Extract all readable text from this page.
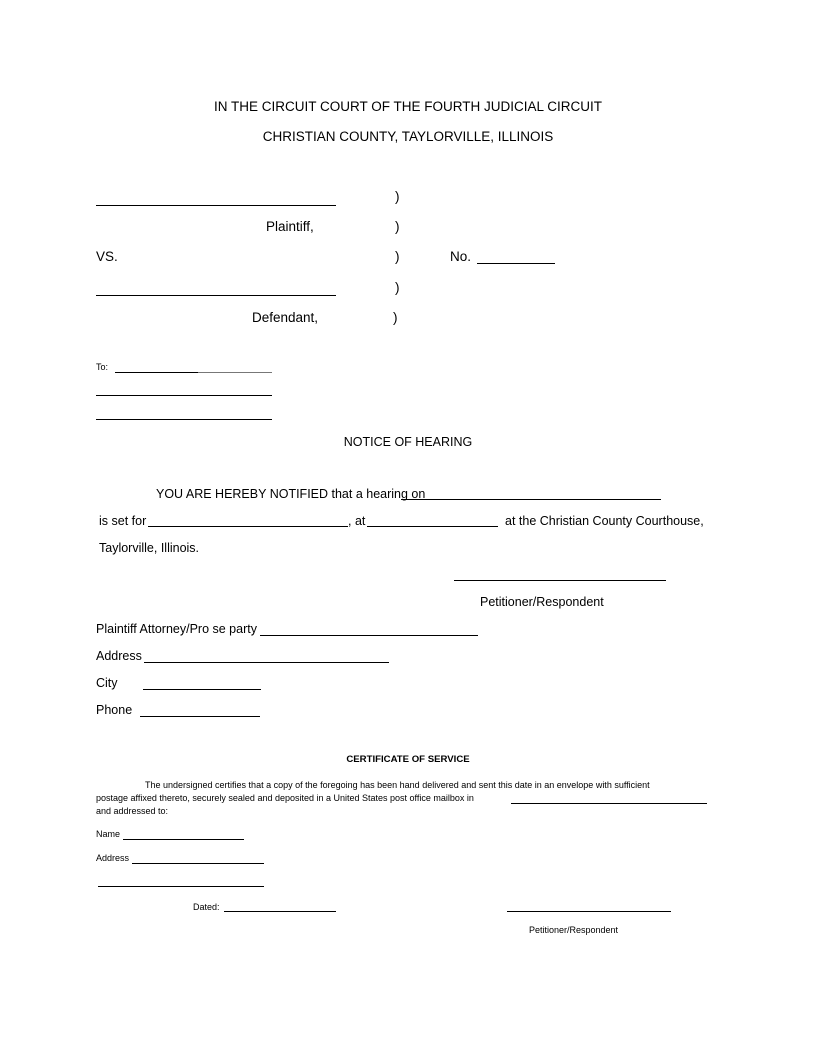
IN THE CIRCUIT COURT OF THE FOURTH JUDICIAL CIRCUIT
CHRISTIAN COUNTY, TAYLORVILLE, ILLINOIS
)
Plaintiff,	)
VS.	)	No.
)
Defendant,	)
To:
NOTICE OF HEARING
YOU ARE HEREBY NOTIFIED that a hearing on
is set for	, at	at the Christian County Courthouse,
Taylorville, Illinois.
Petitioner/Respondent
Plaintiff Attorney/Pro se party
Address
City
Phone
CERTIFICATE OF SERVICE
The undersigned certifies that a copy of the foregoing has been hand delivered and sent this date in an envelope with sufficient
postage affixed thereto, securely sealed and deposited in a United States post office mailbox in
and addressed to:
Name
Address
Dated:
Petitioner/Respondent
